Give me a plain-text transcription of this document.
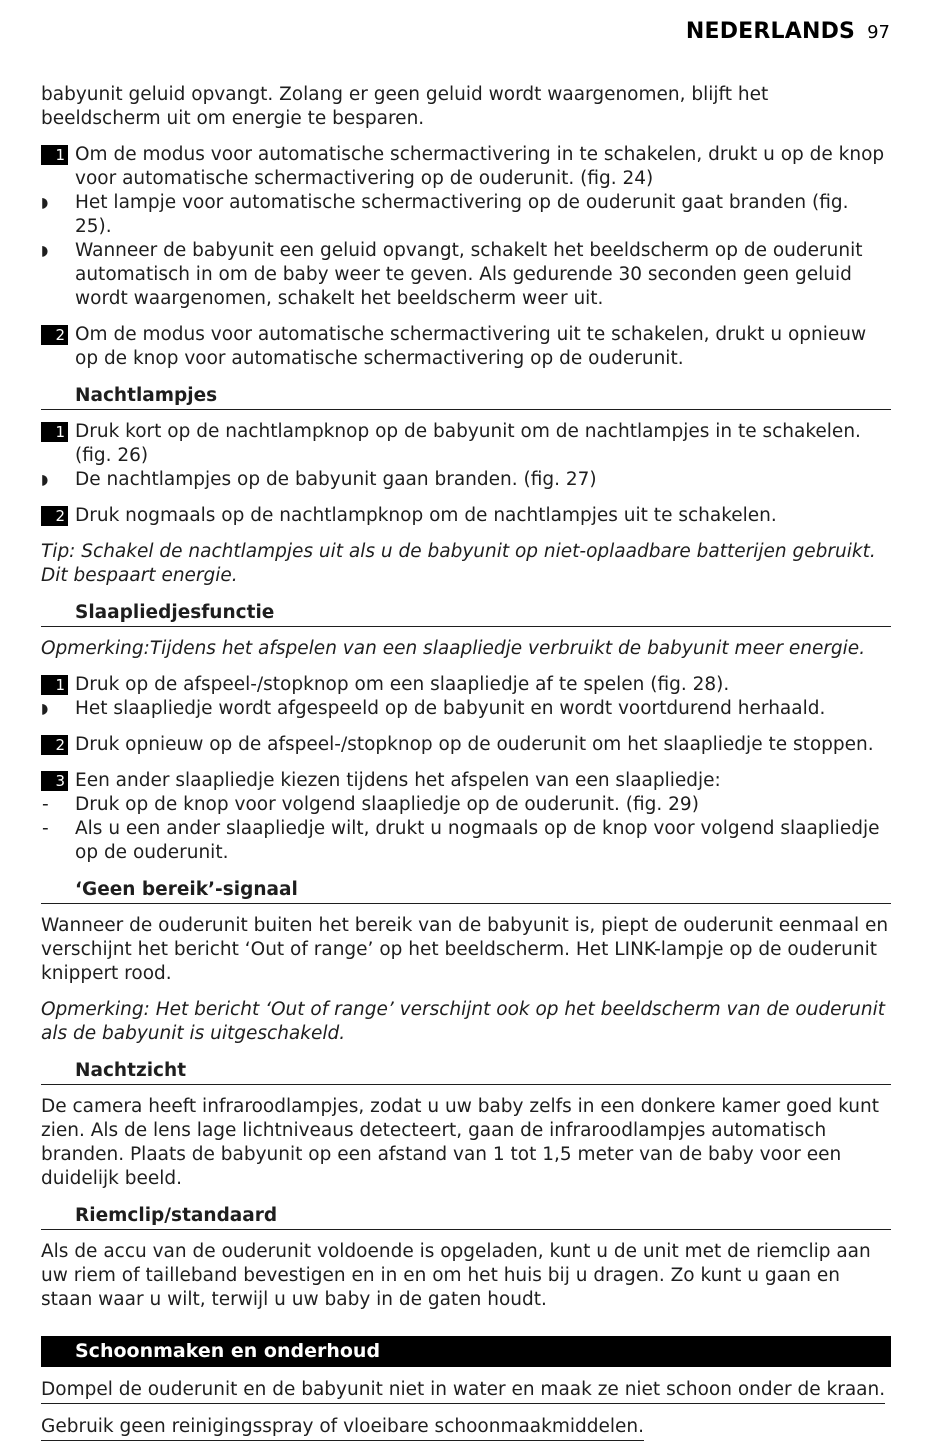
NEDERLANDS 97

babyunit geluid opvangt. Zolang er geen geluid wordt waargenomen, blijft het beeldscherm uit om energie te besparen.

1 Om de modus voor automatische schermactivering in te schakelen, drukt u op de knop voor automatische schermactivering op de ouderunit. (fig. 24)
◗ Het lampje voor automatische schermactivering op de ouderunit gaat branden (fig. 25).
◗ Wanneer de babyunit een geluid opvangt, schakelt het beeldscherm op de ouderunit automatisch in om de baby weer te geven. Als gedurende 30 seconden geen geluid wordt waargenomen, schakelt het beeldscherm weer uit.
2 Om de modus voor automatische schermactivering uit te schakelen, drukt u opnieuw op de knop voor automatische schermactivering op de ouderunit.
Nachtlampjes
1 Druk kort op de nachtlampknop op de babyunit om de nachtlampjes in te schakelen. (fig. 26)
◗ De nachtlampjes op de babyunit gaan branden. (fig. 27)
2 Druk nogmaals op de nachtlampknop om de nachtlampjes uit te schakelen.

Tip: Schakel de nachtlampjes uit als u de babyunit op niet-oplaadbare batterijen gebruikt. Dit bespaart energie.

Slaapliedjesfunctie

Opmerking:Tijdens het afspelen van een slaapliedje verbruikt de babyunit meer energie.

1 Druk op de afspeel-/stopknop om een slaapliedje af te spelen (fig. 28).
◗ Het slaapliedje wordt afgespeeld op de babyunit en wordt voortdurend herhaald.
2 Druk opnieuw op de afspeel-/stopknop op de ouderunit om het slaapliedje te stoppen.
3 Een ander slaapliedje kiezen tijdens het afspelen van een slaapliedje:
- Druk op de knop voor volgend slaapliedje op de ouderunit. (fig. 29)
- Als u een ander slaapliedje wilt, drukt u nogmaals op de knop voor volgend slaapliedje op de ouderunit.
‘Geen bereik’-signaal

Wanneer de ouderunit buiten het bereik van de babyunit is, piept de ouderunit eenmaal en verschijnt het bericht ‘Out of range’ op het beeldscherm. Het LINK-lampje op de ouderunit knippert rood.

Opmerking: Het bericht ‘Out of range’ verschijnt ook op het beeldscherm van de ouderunit als de babyunit is uitgeschakeld.

Nachtzicht

De camera heeft infraroodlampjes, zodat u uw baby zelfs in een donkere kamer goed kunt zien. Als de lens lage lichtniveaus detecteert, gaan de infraroodlampjes automatisch branden. Plaats de babyunit op een afstand van 1 tot 1,5 meter van de baby voor een duidelijk beeld.

Riemclip/standaard

Als de accu van de ouderunit voldoende is opgeladen, kunt u de unit met de riemclip aan uw riem of tailleband bevestigen en in en om het huis bij u dragen. Zo kunt u gaan en staan waar u wilt, terwijl u uw baby in de gaten houdt.

Schoonmaken en onderhoud
Dompel de ouderunit en de babyunit niet in water en maak ze niet schoon onder de kraan.
Gebruik geen reinigingsspray of vloeibare schoonmaakmiddelen.
